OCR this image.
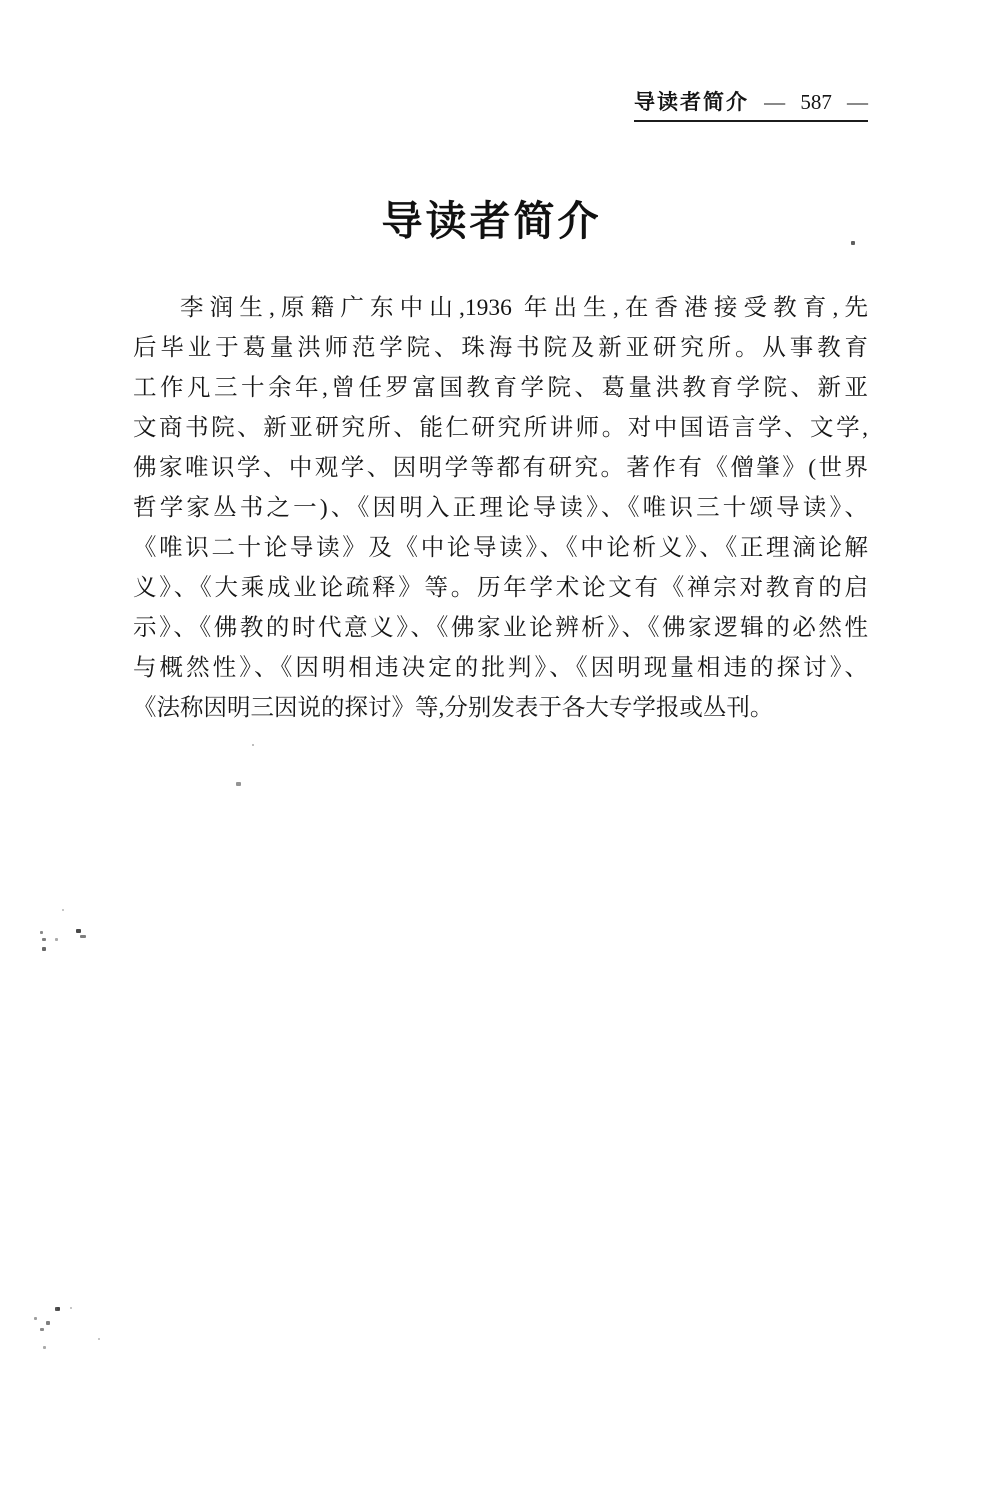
导读者简介 — 587 —
导读者简介
李润生,原籍广东中山,1936 年出生,在香港接受教育,先
后毕业于葛量洪师范学院、珠海书院及新亚研究所。从事教育
工作凡三十余年,曾任罗富国教育学院、葛量洪教育学院、新亚
文商书院、新亚研究所、能仁研究所讲师。对中国语言学、文学,
佛家唯识学、中观学、因明学等都有研究。著作有《僧肇》(世界
哲学家丛书之一)、《因明入正理论导读》、《唯识三十颂导读》、
《唯识二十论导读》及《中论导读》、《中论析义》、《正理滴论解
义》、《大乘成业论疏释》等。历年学术论文有《禅宗对教育的启
示》、《佛教的时代意义》、《佛家业论辨析》、《佛家逻辑的必然性
与概然性》、《因明相违决定的批判》、《因明现量相违的探讨》、
《法称因明三因说的探讨》等,分别发表于各大专学报或丛刊。
